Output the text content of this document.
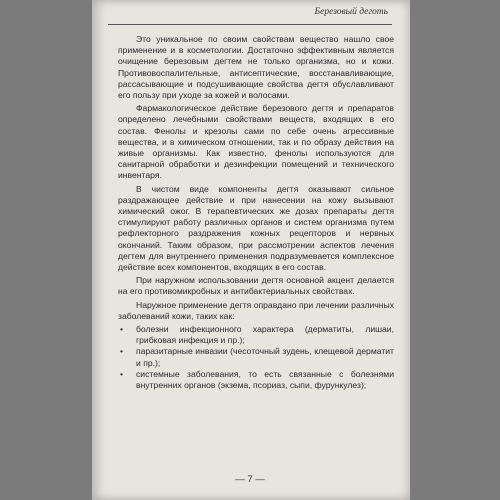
Березовый деготь

Это уникальное по своим свойствам вещество нашло свое применение и в косметологии. Достаточно эффективным является очищение березовым дегтем не только организма, но и кожи. Противовоспалительные, антисептические, восстанавливающие, рассасывающие и подсушивающие свойства дегтя обуславливают его пользу при уходе за кожей и волосами.

Фармакологическое действие березового дегтя и препаратов определено лечебными свойствами веществ, входящих в его состав. Фенолы и крезолы сами по себе очень агрессивные вещества, и в химическом отношении, так и по образу действия на живые организмы. Как известно, фенолы используются для санитарной обработки и дезинфекции помещений и технического инвентаря.

В чистом виде компоненты дегтя оказывают сильное раздражающее действие и при нанесении на кожу вызывают химический ожог. В терапевтических же дозах препараты дегтя стимулируют работу различных органов и систем организма путем рефлекторного раздражения кожных рецепторов и нервных окончаний. Таким образом, при рассмотрении аспектов лечения дегтем для внутреннего применения подразумевается комплексное действие всех компонентов, входящих в его состав.

При наружном использовании дегтя основной акцент делается на его противомикробных и антибактериальных свойствах.

Наружное применение дегтя оправдано при лечении различных заболеваний кожи, таких как:

• болезни инфекционного характера (дерматиты, лишаи, грибковая инфекция и пр.);
• паразитарные инвазии (чесоточный зудень, клещевой дерматит и пр.);
• системные заболевания, то есть связанные с болезнями внутренних органов (экзема, псориаз, сыпи, фурункулез);
— 7 —
